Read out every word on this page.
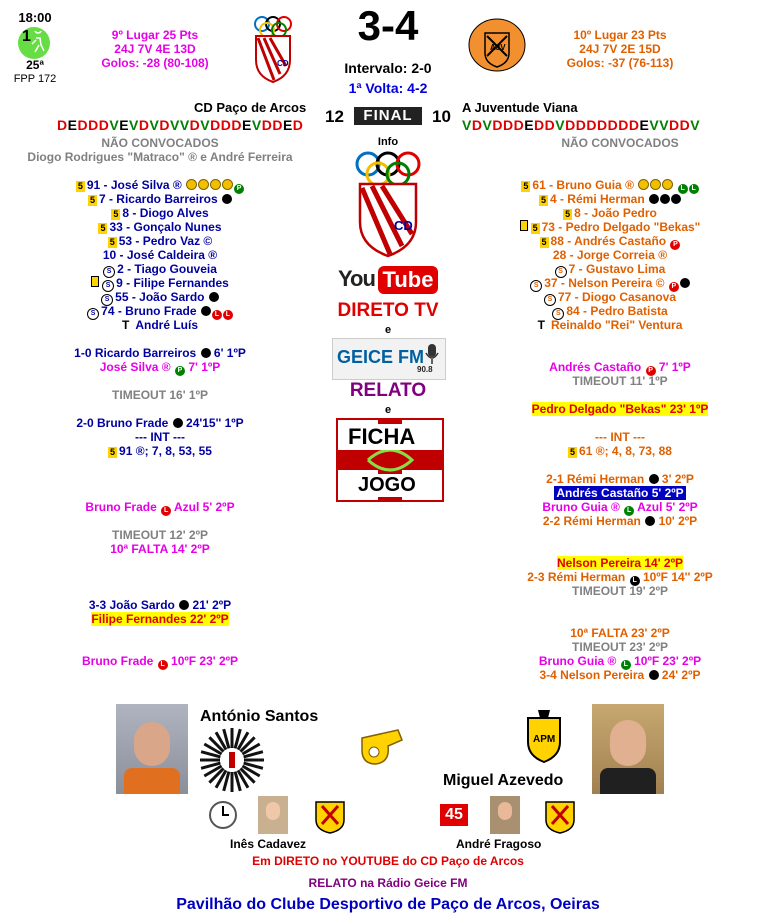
18:00
1
25ª
FPP 172
9º Lugar 25 Pts
24J 7V 4E 13D
Golos: -28 (80-108)	CD
3-4
Intervalo: 2-0
1ª Volta: 4-2
AJV
10º Lugar 23 Pts
24J 7V 2E 15D
Golos: -37 (76-113)
CD Paço de Arcos	A Juventude Viana
DEDDDVEVDVDVVDVDDDEVDDED 12	FINAL	10 VDVDDDEDDVDDDDDDDEVVDDV
NÃO CONVOCADOS
Diogo Rodrigues "Matraco" ® e André Ferreira
NÃO CONVOCADOS
5 91 - José Silva ®	P
5 7 - Ricardo Barreiros
5 8 - Diogo Alves
5 33 - Gonçalo Nunes
5 53 - Pedro Vaz ©
10 - José Caldeira ®
S 2 - Tiago Gouveia
S 9 - Filipe Fernandes
S 55 - João Sardo
S 74 - Bruno Frade	L L
T André Luís
1-0 Ricardo Barreiros 6' 1ºP
José Silva ® P 7' 1ºP
TIMEOUT 16' 1ºP
2-0 Bruno Frade 24'15'' 1ºP
--- INT ---
5 91 ®; 7, 8, 53, 55
Bruno Frade L Azul 5' 2ºP
TIMEOUT 12' 2ºP
10ª FALTA 14' 2ºP
3-3 João Sardo 21' 2ºP
Filipe Fernandes 22' 2ºP
Bruno Frade L 10ºF 23' 2ºP
Info
CD
You Tube
DIRETO TV
e
GEICE FM
90.8
RELATO
e
FICHA
JOGO
5 61 - Bruno Guia ®	L L
5 4 - Rémi Herman
5 8 - João Pedro
5 73 - Pedro Delgado "Bekas"
5 88 - Andrés Castaño P
28 - Jorge Correia ®
S 7 - Gustavo Lima
S 37 - Nelson Pereira © P
S 77 - Diogo Casanova
S 84 - Pedro Batista
T Reinaldo "Rei" Ventura
Andrés Castaño P 7' 1ºP
TIMEOUT 11' 1ºP
Pedro Delgado "Bekas" 23' 1ºP
--- INT ---
5 61 ®; 4, 8, 73, 88
2-1 Rémi Herman 3' 2ºP
Andrés Castaño 5' 2ºP
Bruno Guia ® L Azul 5' 2ºP
2-2 Rémi Herman 10' 2ºP
Nelson Pereira 14' 2ºP
2-3 Rémi Herman L 10ºF 14'' 2ºP
TIMEOUT 19' 2ºP
10ª FALTA 23' 2ºP
TIMEOUT 23' 2ºP
Bruno Guia ® L 10ºF 23' 2ºP
3-4 Nelson Pereira 24' 2ºP
António Santos
APM
Miguel Azevedo
45
Inês Cadavez	André Fragoso
Em DIRETO no YOUTUBE do CD Paço de Arcos
RELATO na Rádio Geice FM
Pavilhão do Clube Desportivo de Paço de Arcos, Oeiras
